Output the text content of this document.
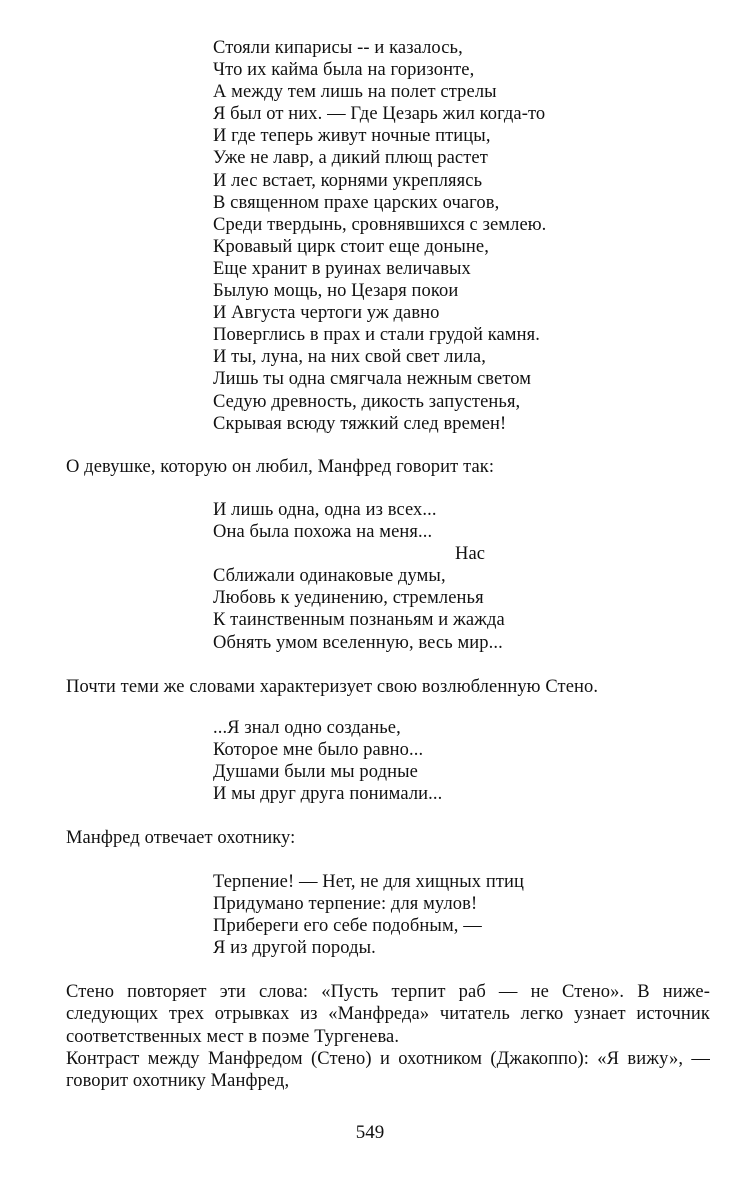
Стояли кипарисы -- и казалось,
Что их кайма была на горизонте,
А между тем лишь на полет стрелы
Я был от них. — Где Цезарь жил когда-то
И где теперь живут ночные птицы,
Уже не лавр, а дикий плющ растет
И лес встает, корнями укрепляясь
В священном прахе царских очагов,
Среди твердынь, сровнявшихся с землею.
Кровавый цирк стоит еще доныне,
Еще хранит в руинах величавых
Былую мощь, но Цезаря покои
И Августа чертоги уж давно
Поверглись в прах и стали грудой камня.
И ты, луна, на них свой свет лила,
Лишь ты одна смягчала нежным светом
Седую древность, дикость запустенья,
Скрывая всюду тяжкий след времен!

О девушке, которую он любил, Манфред говорит так:

И лишь одна, одна из всех...
Она была похожа на меня...
Нас
Сближали одинаковые думы,
Любовь к уединению, стремленья
К таинственным познаньям и жажда
Обнять умом вселенную, весь мир...

Почти теми же словами характеризует свою возлюбленную Стено.

...Я знал одно созданье,
Которое мне было равно...
Душами были мы родные
И мы друг друга понимали...

Манфред отвечает охотнику:

Терпение! — Нет, не для хищных птиц
Придумано терпение: для мулов!
Прибереги его себе подобным, —
Я из другой породы.

Стено повторяет эти слова: «Пусть терпит раб — не Стено». В ниже-следующих трех отрывках из «Манфреда» читатель легко узнает источник соответственных мест в поэме Тургенева.

Контраст между Манфредом (Стено) и охотником (Джакоппо): «Я вижу», — говорит охотнику Манфред,

549
